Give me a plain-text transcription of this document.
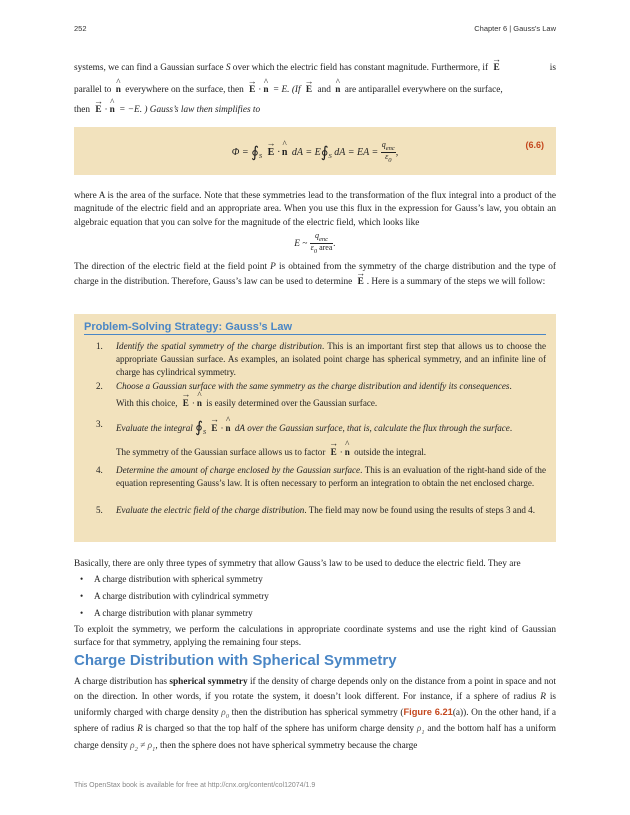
252	Chapter 6 | Gauss's Law
systems, we can find a Gaussian surface S over which the electric field has constant magnitude. Furthermore, if → E	is
parallel to ^ n everywhere on the surface, then → E · ^ n = E. (If → E and ^ n are antiparallel everywhere on the surface,
then → E · ^ n = −E. ) Gauss’s law then simplifies to
$\Phi = ∮_S \to E$ · ^ n dA = $E∮_S$ dA = EA = $\frac{q_{enc}}{\varepsilon_0}$ ,
(6.6)
where A is the area of the surface. Note that these symmetries lead to the transformation of the flux integral into a product of the magnitude of the electric field and an appropriate area. When you use this flux in the expression for Gauss’s law, you obtain an algebraic equation that you can solve for the magnitude of the electric field, which looks like
E ~ $\frac{q_{enc}}{\varepsilon_0 area}$ .
The direction of the electric field at the field point P is obtained from the symmetry of the charge distribution and the type of charge in the distribution. Therefore, Gauss’s law can be used to determine → E . Here is a summary of the steps we will follow:
Problem-Solving Strategy: Gauss’s Law
1.	Identify the spatial symmetry of the charge distribution. This is an important first step that allows us to choose the appropriate Gaussian surface. As examples, an isolated point charge has spherical symmetry, and an infinite line of charge has cylindrical symmetry.
2.	Choose a Gaussian surface with the same symmetry as the charge distribution and identify its consequences.
With this choice, → E · ^ n is easily determined over the Gaussian surface.
3.	Evaluate the integral $∮_S \to E$ · ^ n dA over the Gaussian surface, that is, calculate the flux through the surface.
The symmetry of the Gaussian surface allows us to factor → E · ^ n outside the integral.
4.	Determine the amount of charge enclosed by the Gaussian surface. This is an evaluation of the right-hand side of the equation representing Gauss’s law. It is often necessary to perform an integration to obtain the net enclosed charge.
5.	Evaluate the electric field of the charge distribution. The field may now be found using the results of steps 3 and 4.
Basically, there are only three types of symmetry that allow Gauss’s law to be used to deduce the electric field. They are
• A charge distribution with spherical symmetry
• A charge distribution with cylindrical symmetry
• A charge distribution with planar symmetry
To exploit the symmetry, we perform the calculations in appropriate coordinate systems and use the right kind of Gaussian surface for that symmetry, applying the remaining four steps.
Charge Distribution with Spherical Symmetry
A charge distribution has spherical symmetry if the density of charge depends only on the distance from a point in space and not on the direction. In other words, if you rotate the system, it doesn’t look different. For instance, if a sphere of radius R is uniformly charged with charge density $\rho_0$ then the distribution has spherical symmetry (Figure 6.21(a)). On the other hand, if a sphere of radius R is charged so that the top half of the sphere has uniform charge density $\rho_1$ and the bottom half has a uniform charge density $\rho_2 \ne \rho_1$, then the sphere does not have spherical symmetry because the charge
This OpenStax book is available for free at http://cnx.org/content/col12074/1.9
